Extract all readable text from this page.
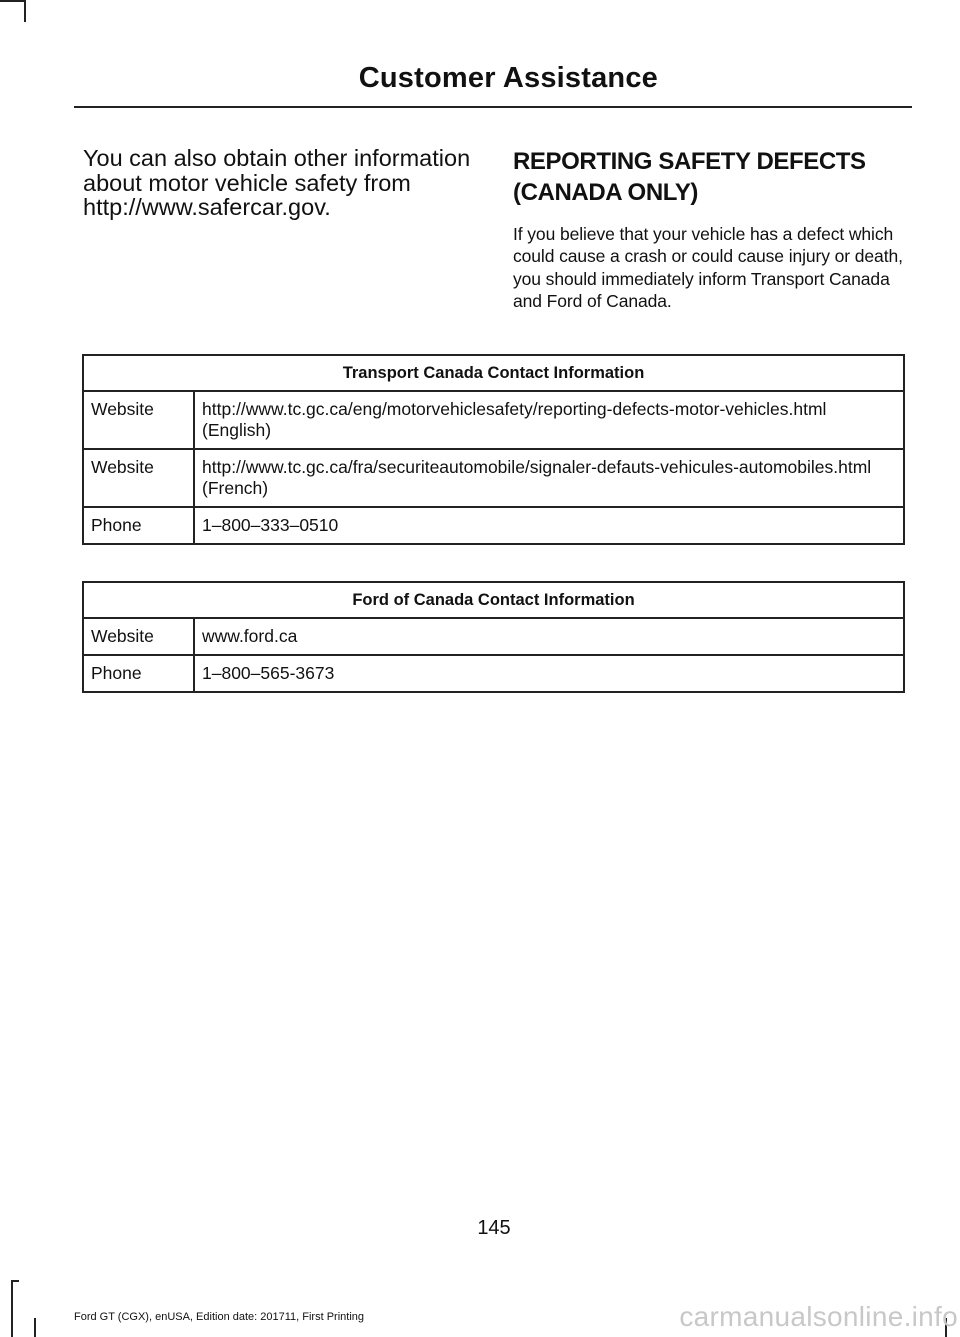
Customer Assistance

You can also obtain other information about motor vehicle safety from http://www.safercar.gov.

REPORTING SAFETY DEFECTS
(CANADA ONLY)

If you believe that your vehicle has a defect which could cause a crash or could cause injury or death, you should immediately inform Transport Canada and Ford of Canada.

Transport Canada Contact Information	
Website	http://www.tc.gc.ca/eng/motorvehiclesafety/reporting-defects-motor-vehicles.html (English)
Website	http://www.tc.gc.ca/fra/securiteautomobile/signaler-defauts-vehicules-automobiles.html (French)
Phone	1–800–333–0510
Ford of Canada Contact Information	
Website	www.ford.ca
Phone	1–800–565-3673
145
Ford GT (CGX), enUSA, Edition date: 201711, First Printing	carmanualsonline.info
